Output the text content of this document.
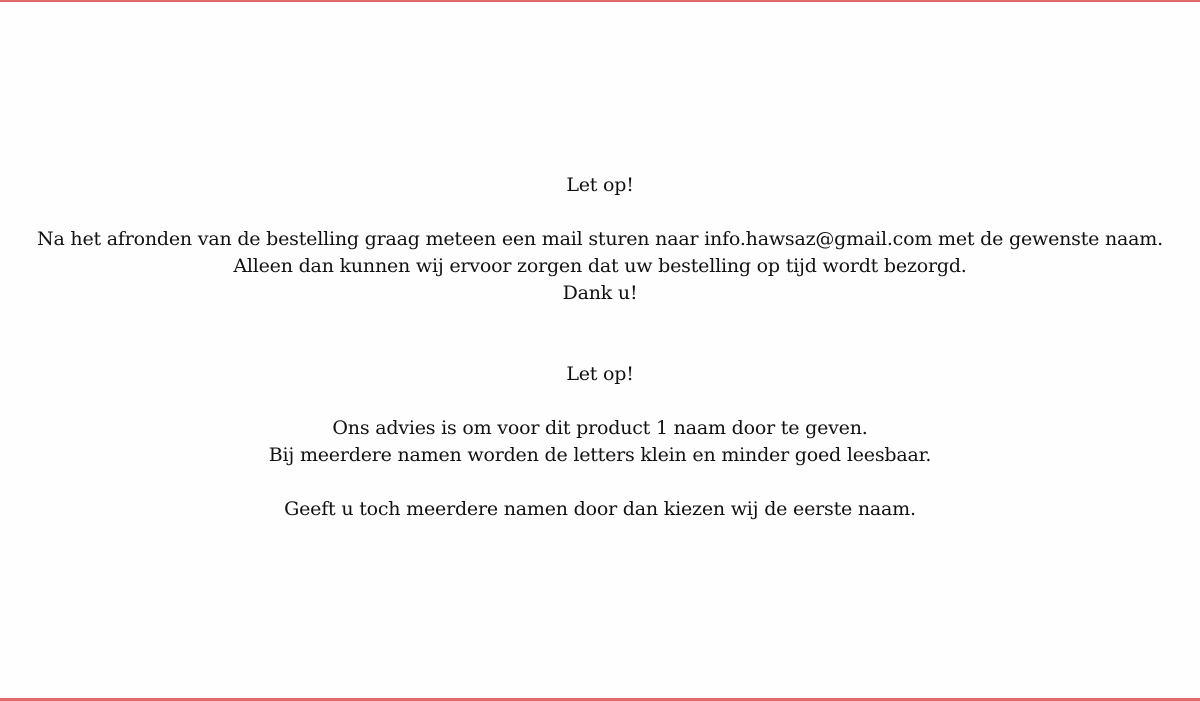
Let op!
Na het afronden van de bestelling graag meteen een mail sturen naar info.hawsaz@gmail.com met de gewenste naam.
Alleen dan kunnen wij ervoor zorgen dat uw bestelling op tijd wordt bezorgd.
Dank u!
Let op!
Ons advies is om voor dit product 1 naam door te geven.
Bij meerdere namen worden de letters klein en minder goed leesbaar.
Geeft u toch meerdere namen door dan kiezen wij de eerste naam.
